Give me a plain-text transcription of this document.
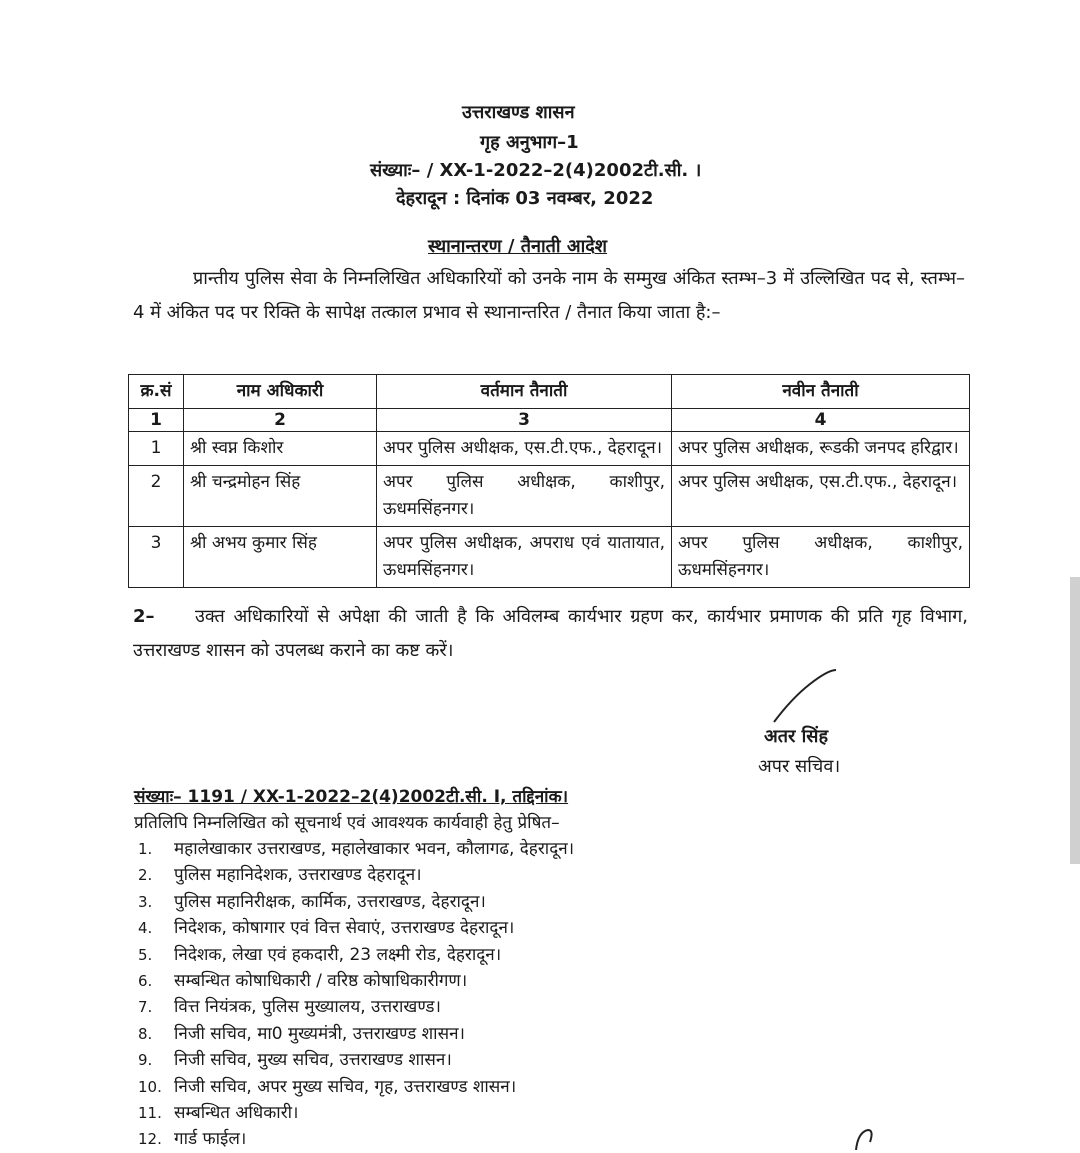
उत्तराखण्ड शासन
गृह अनुभाग–1
संख्याः– / XX-1-2022–2(4)2002टी.सी. ।
देहरादून : दिनांक 03 नवम्बर, 2022
स्थानान्तरण / तैनाती आदेश
प्रान्तीय पुलिस सेवा के निम्नलिखित अधिकारियों को उनके नाम के सम्मुख अंकित स्तम्भ–3 में उल्लिखित पद से, स्तम्भ–4 में अंकित पद पर रिक्ति के सापेक्ष तत्काल प्रभाव से स्थानान्तरित / तैनात किया जाता है:–
क्र.सं	नाम अधिकारी	वर्तमान तैनाती	नवीन तैनाती
1	2	3	4
1	श्री स्वप्न किशोर	अपर पुलिस अधीक्षक, एस.टी.एफ., देहरादून।	अपर पुलिस अधीक्षक, रूडकी जनपद हरिद्वार।
2	श्री चन्द्रमोहन सिंह	अपर पुलिस अधीक्षक, काशीपुर, ऊधमसिंहनगर।	अपर पुलिस अधीक्षक, एस.टी.एफ., देहरादून।
3	श्री अभय कुमार सिंह	अपर पुलिस अधीक्षक, अपराध एवं यातायात, ऊधमसिंहनगर।	अपर पुलिस अधीक्षक, काशीपुर, ऊधमसिंहनगर।
2– उक्त अधिकारियों से अपेक्षा की जाती है कि अविलम्ब कार्यभार ग्रहण कर, कार्यभार प्रमाणक की प्रति गृह विभाग, उत्तराखण्ड शासन को उपलब्ध कराने का कष्ट करें।
अतर सिंह
अपर सचिव।
संख्याः– 1191 / XX-1-2022–2(4)2002टी.सी. I, तद्दिनांक।
प्रतिलिपि निम्नलिखित को सूचनार्थ एवं आवश्यक कार्यवाही हेतु प्रेषित–
1. महालेखाकार उत्तराखण्ड, महालेखाकार भवन, कौलागढ, देहरादून।
2. पुलिस महानिदेशक, उत्तराखण्ड देहरादून।
3. पुलिस महानिरीक्षक, कार्मिक, उत्तराखण्ड, देहरादून।
4. निदेशक, कोषागार एवं वित्त सेवाएं, उत्तराखण्ड देहरादून।
5. निदेशक, लेखा एवं हकदारी, 23 लक्ष्मी रोड, देहरादून।
6. सम्बन्धित कोषाधिकारी / वरिष्ठ कोषाधिकारीगण।
7. वित्त नियंत्रक, पुलिस मुख्यालय, उत्तराखण्ड।
8. निजी सचिव, मा0 मुख्यमंत्री, उत्तराखण्ड शासन।
9. निजी सचिव, मुख्य सचिव, उत्तराखण्ड शासन।
10. निजी सचिव, अपर मुख्य सचिव, गृह, उत्तराखण्ड शासन।
11. सम्बन्धित अधिकारी।
12. गार्ड फाईल।
